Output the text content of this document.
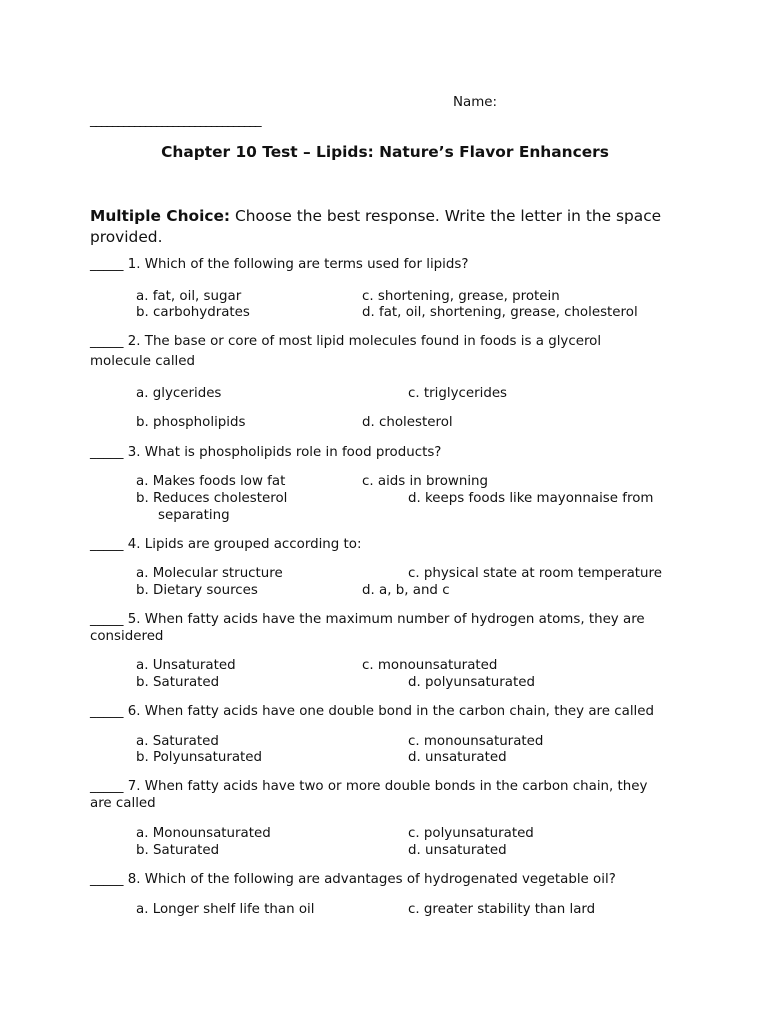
Name:
_______________________________
Chapter 10 Test – Lipids: Nature’s Flavor Enhancers
Multiple Choice: Choose the best response. Write the letter in the space
provided.
_____ 1. Which of the following are terms used for lipids?
a. fat, oil, sugar
b. carbohydrates
c. shortening, grease, protein
d. fat, oil, shortening, grease, cholesterol
_____ 2. The base or core of most lipid molecules found in foods is a glycerol
molecule called
a. glycerides
b. phospholipids
c. triglycerides
d. cholesterol
_____ 3. What is phospholipids role in food products?
a. Makes foods low fat
b. Reduces cholesterol
c. aids in browning
d. keeps foods like mayonnaise from
separating
_____ 4. Lipids are grouped according to:
a. Molecular structure
b. Dietary sources
c. physical state at room temperature
d. a, b, and c
_____ 5. When fatty acids have the maximum number of hydrogen atoms, they are
considered
a. Unsaturated
b. Saturated
c. monounsaturated
d. polyunsaturated
_____ 6. When fatty acids have one double bond in the carbon chain, they are called
a. Saturated
b. Polyunsaturated
c. monounsaturated
d. unsaturated
_____ 7. When fatty acids have two or more double bonds in the carbon chain, they
are called
a. Monounsaturated
b. Saturated
c. polyunsaturated
d. unsaturated
_____ 8. Which of the following are advantages of hydrogenated vegetable oil?
a. Longer shelf life than oil	c. greater stability than lard
